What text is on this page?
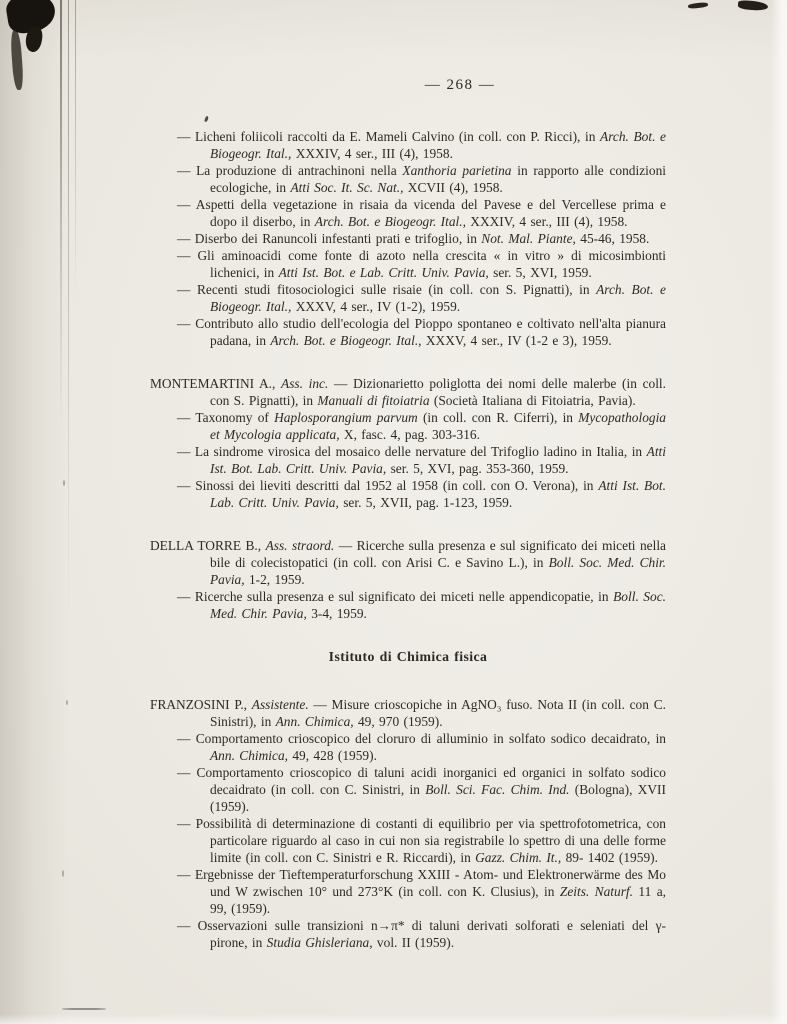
— 268 —

— Licheni foliicoli raccolti da E. Mameli Calvino (in coll. con P. Ricci), in Arch. Bot. e Biogeogr. Ital., XXXIV, 4 ser., III (4), 1958.

— La produzione di antrachinoni nella Xanthoria parietina in rapporto alle condizioni ecologiche, in Atti Soc. It. Sc. Nat., XCVII (4), 1958.

— Aspetti della vegetazione in risaia da vicenda del Pavese e del Vercellese prima e dopo il diserbo, in Arch. Bot. e Biogeogr. Ital., XXXIV, 4 ser., III (4), 1958.

— Diserbo dei Ranuncoli infestanti prati e trifoglio, in Not. Mal. Piante, 45-46, 1958.

— Gli aminoacidi come fonte di azoto nella crescita « in vitro » di micosimbionti lichenici, in Atti Ist. Bot. e Lab. Critt. Univ. Pavia, ser. 5, XVI, 1959.

— Recenti studi fitosociologici sulle risaie (in coll. con S. Pignatti), in Arch. Bot. e Biogeogr. Ital., XXXV, 4 ser., IV (1-2), 1959.

— Contributo allo studio dell'ecologia del Pioppo spontaneo e coltivato nell'alta pianura padana, in Arch. Bot. e Biogeogr. Ital., XXXV, 4 ser., IV (1-2 e 3), 1959.

MONTEMARTINI A., Ass. inc. — Dizionarietto poliglotta dei nomi delle malerbe (in coll. con S. Pignatti), in Manuali di fitoiatria (Società Italiana di Fitoiatria, Pavia).

— Taxonomy of Haplosporangium parvum (in coll. con R. Ciferri), in Mycopathologia et Mycologia applicata, X, fasc. 4, pag. 303-316.

— La sindrome virosica del mosaico delle nervature del Trifoglio ladino in Italia, in Atti Ist. Bot. Lab. Critt. Univ. Pavia, ser. 5, XVI, pag. 353-360, 1959.

— Sinossi dei lieviti descritti dal 1952 al 1958 (in coll. con O. Verona), in Atti Ist. Bot. Lab. Critt. Univ. Pavia, ser. 5, XVII, pag. 1-123, 1959.

DELLA TORRE B., Ass. straord. — Ricerche sulla presenza e sul significato dei miceti nella bile di colecistopatici (in coll. con Arisi C. e Savino L.), in Boll. Soc. Med. Chir. Pavia, 1-2, 1959.

— Ricerche sulla presenza e sul significato dei miceti nelle appendicopatie, in Boll. Soc. Med. Chir. Pavia, 3-4, 1959.

Istituto di Chimica fisica

FRANZOSINI P., Assistente. — Misure crioscopiche in AgNO₃ fuso. Nota II (in coll. con C. Sinistri), in Ann. Chimica, 49, 970 (1959).

— Comportamento crioscopico del cloruro di alluminio in solfato sodico decaidrato, in Ann. Chimica, 49, 428 (1959).

— Comportamento crioscopico di taluni acidi inorganici ed organici in solfato sodico decaidrato (in coll. con C. Sinistri, in Boll. Sci. Fac. Chim. Ind. (Bologna), XVII (1959).

— Possibilità di determinazione di costanti di equilibrio per via spettrofotometrica, con particolare riguardo al caso in cui non sia registrabile lo spettro di una delle forme limite (in coll. con C. Sinistri e R. Riccardi), in Gazz. Chim. It., 89- 1402 (1959).

— Ergebnisse der Tieftemperaturforschung XXIII - Atom- und Elektronerwärme des Mo und W zwischen 10° und 273°K (in coll. con K. Clusius), in Zeits. Naturf. 11 a, 99, (1959).

— Osservazioni sulle transizioni n→π* di taluni derivati solforati e seleniati del γ-pirone, in Studia Ghisleriana, vol. II (1959).
